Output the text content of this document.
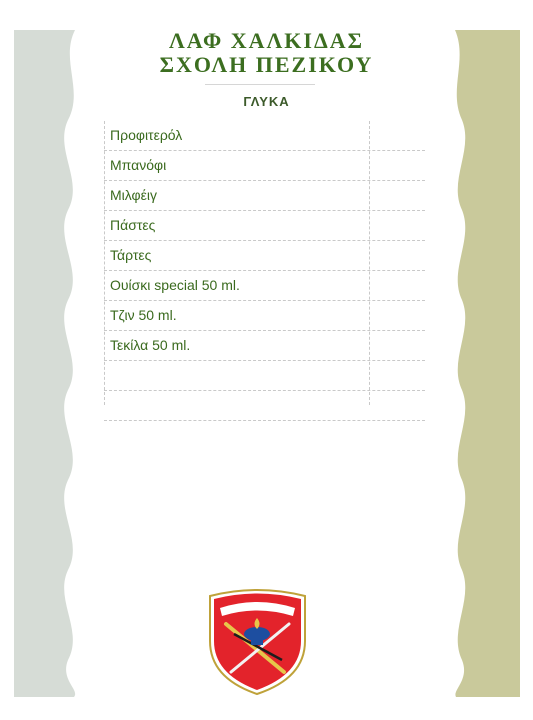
ΛΑΦ ΧΑΛΚΙΔΑΣ
ΣΧΟΛΗ ΠΕΖΙΚΟΥ
ΓΛΥΚΑ
Προφιτερόλ
Μπανόφι
Μιλφέιγ
Πάστες
Τάρτες
Ουίσκι special 50 ml.
Τζιν 50 ml.
Τεκίλα 50 ml.
